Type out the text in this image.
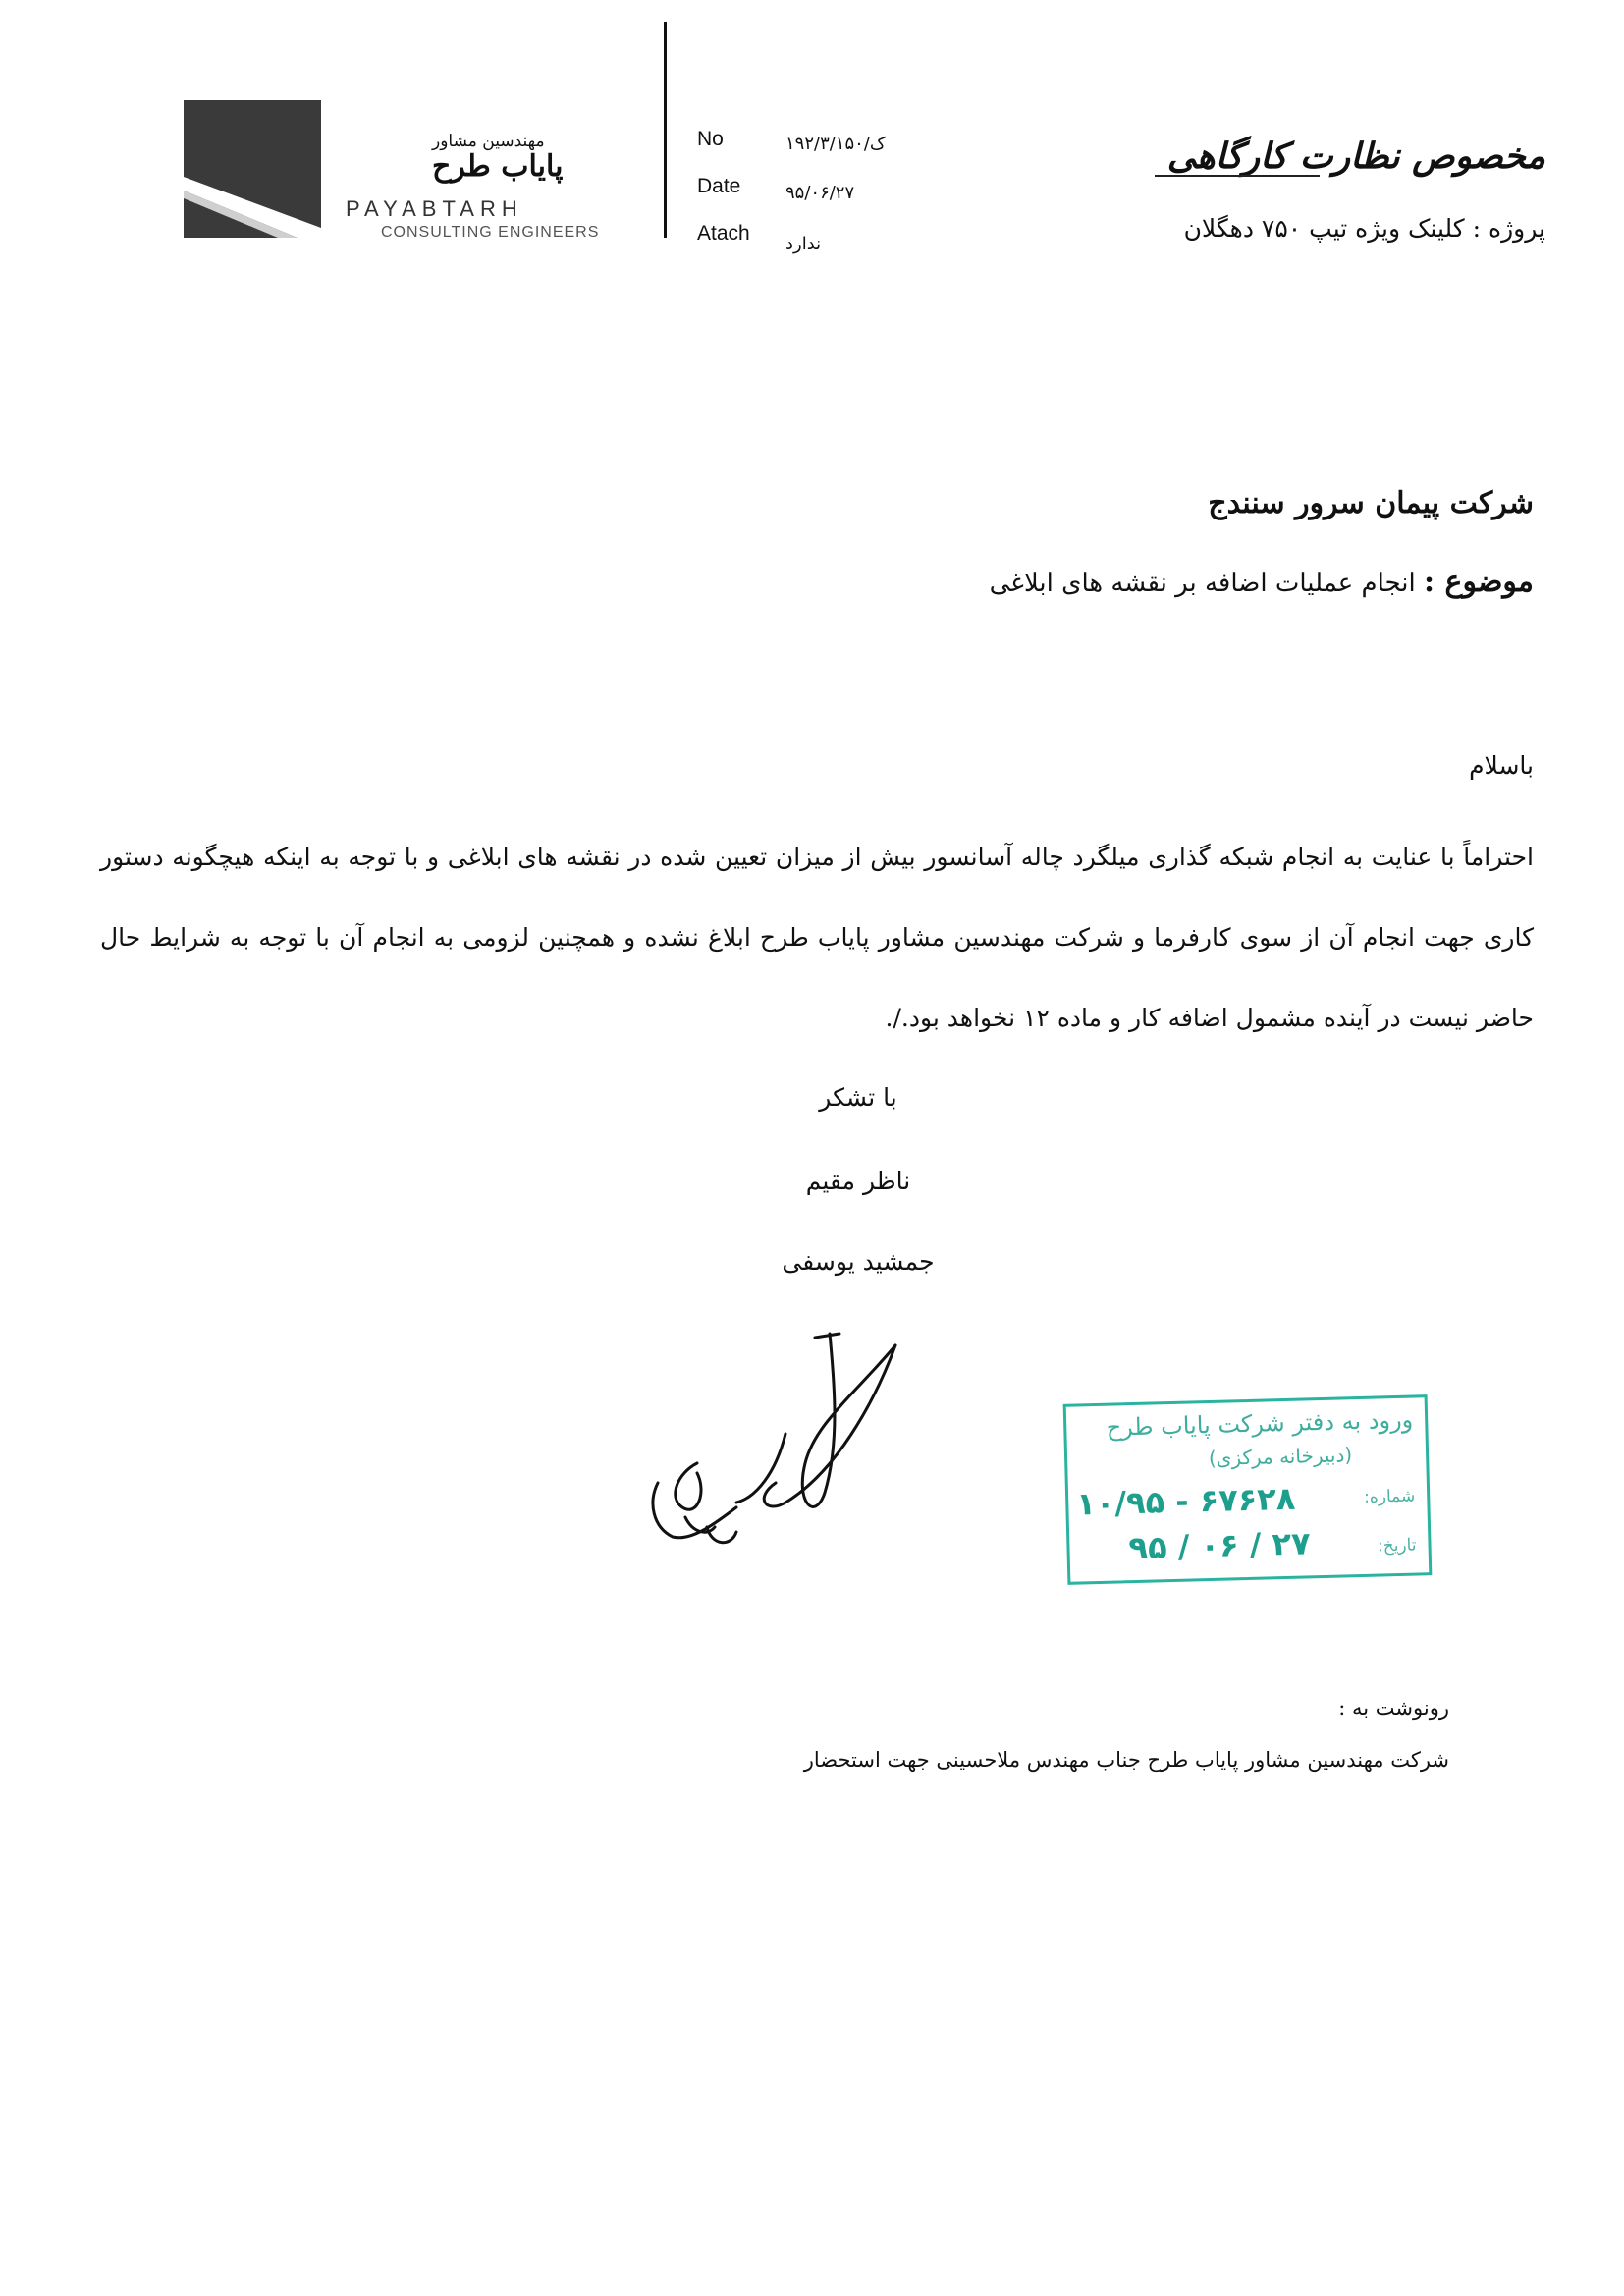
مخصوص نظارت کارگاهی
پروژه : کلینک ویژه تیپ ۷۵۰ دهگلان
No	۱۹۲/۳/ک/۱۵۰
Date	۹۵/۰۶/۲۷
Atach ندارد
مهندسین مشاور
پایاب طرح
PAYABTARH
CONSULTING ENGINEERS
شرکت پیمان سرور سنندج
موضوع : انجام عملیات اضافه بر نقشه های ابلاغی
باسلام
احتراماً با عنایت به انجام شبکه گذاری میلگرد چاله آسانسور بیش از میزان تعیین شده در نقشه های ابلاغی و با توجه به اینکه هیچگونه دستور کاری جهت انجام آن از سوی کارفرما و شرکت مهندسین مشاور پایاب طرح ابلاغ نشده و همچنین لزومی به انجام آن با توجه به شرایط حال حاضر نیست در آینده مشمول اضافه کار و ماده ۱۲ نخواهد بود./.
با تشکر
ناظر مقیم
جمشید یوسفی
ورود به دفتر شرکت پایاب طرح
(دبیرخانه مرکزی)
شماره:
۱۰/۹۵ - ۶۷۶۲۸
تاریخ:
۹۵ / ۰۶ / ۲۷
رونوشت به :
شرکت مهندسین مشاور پایاب طرح جناب مهندس ملاحسینی جهت استحضار
